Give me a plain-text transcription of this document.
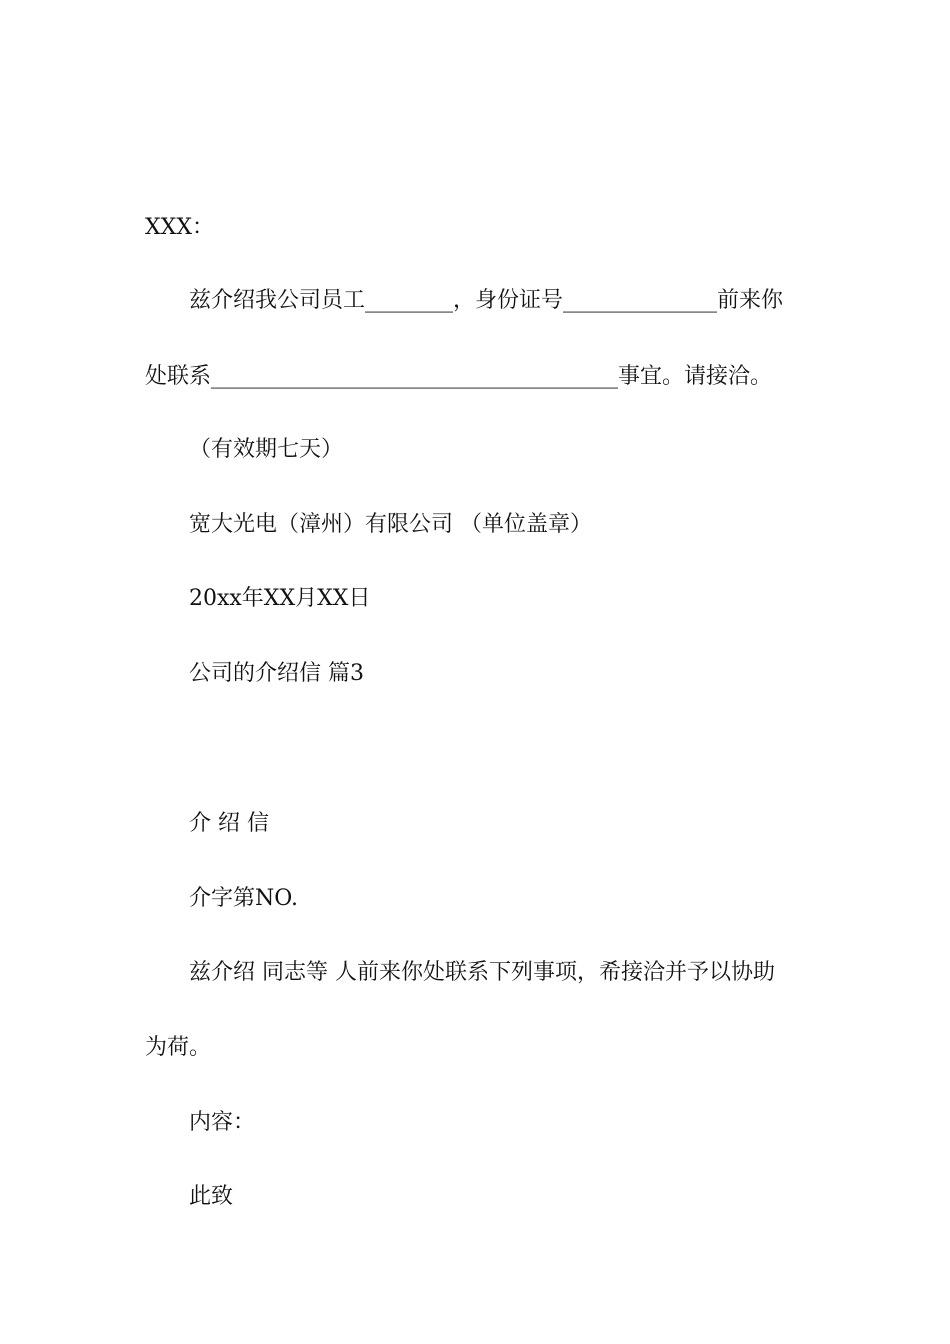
XXX：
兹介绍我公司员工________，身份证号______________前来你
处联系_____________________________________事宜。请接洽。
（有效期七天）
宽大光电（漳州）有限公司 （单位盖章）
20xx年XX月XX日
公司的介绍信 篇3
介 绍 信
介字第NO.
兹介绍 同志等 人前来你处联系下列事项，希接洽并予以协助
为荷。
内容：
此致
